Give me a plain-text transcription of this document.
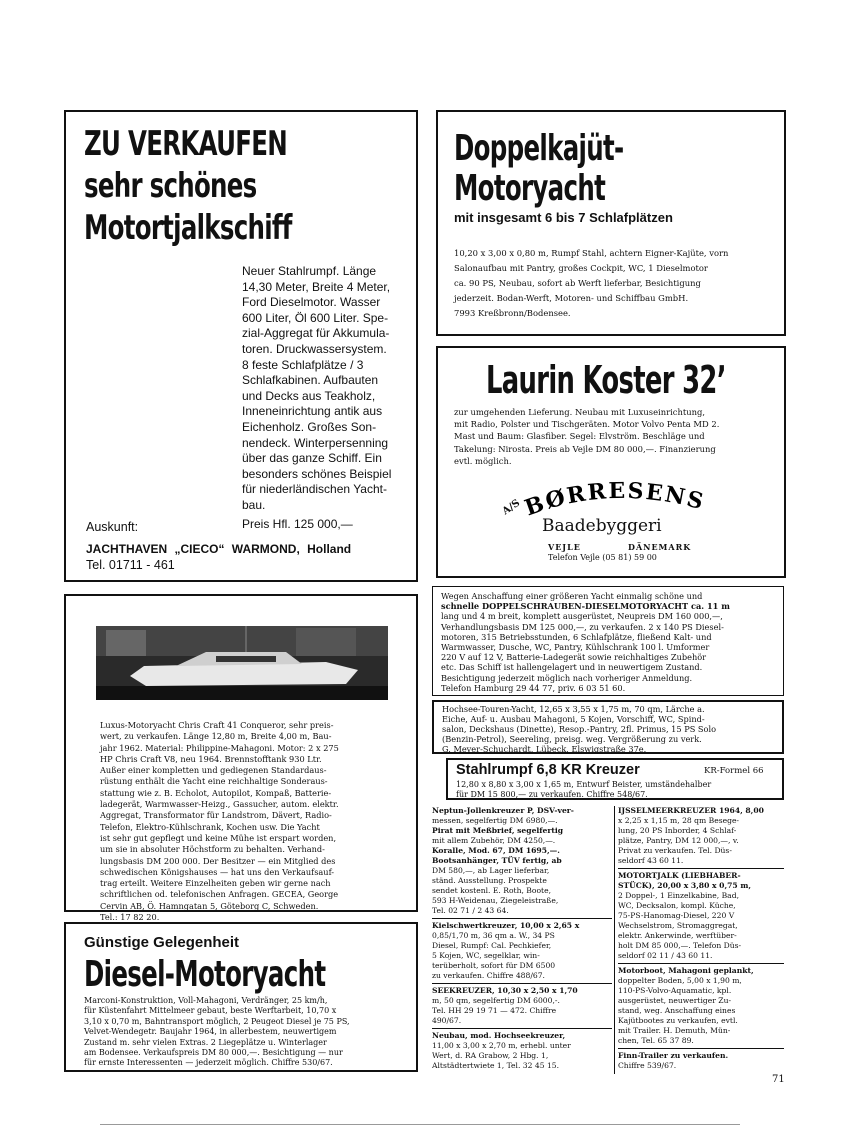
ZU VERKAUFEN
sehr schönes
Motortjalkschiff
Neuer Stahlrumpf. Länge
14,30 Meter, Breite 4 Meter,
Ford Dieselmotor. Wasser
600 Liter, Öl 600 Liter. Spe-
zial-Aggregat für Akkumula-
toren. Druckwassersystem.
8 feste Schlafplätze / 3
Schlafkabinen. Aufbauten
und Decks aus Teakholz,
Inneneinrichtung antik aus
Eichenholz. Großes Son-
nendeck. Winterpersenning
über das ganze Schiff. Ein
besonders schönes Beispiel
für niederländischen Yacht-
bau.
Preis Hfl. 125 000,—
Auskunft:
JACHTHAVEN „CIECO“ WARMOND, Holland
Tel. 01711 - 461
Doppelkajüt-
Motoryacht
mit insgesamt 6 bis 7 Schlafplätzen
10,20 x 3,00 x 0,80 m, Rumpf Stahl, achtern Eigner-Kajüte, vorn
Salonaufbau mit Pantry, großes Cockpit, WC, 1 Dieselmotor
ca. 90 PS, Neubau, sofort ab Werft lieferbar, Besichtigung
jederzeit. Bodan-Werft, Motoren- und Schiffbau GmbH.
7993 Kreßbronn/Bodensee.
Laurin Koster 32’
zur umgehenden Lieferung. Neubau mit Luxuseinrichtung,
mit Radio, Polster und Tischgeräten. Motor Volvo Penta MD 2.
Mast und Baum: Glasfiber. Segel: Elvström. Beschläge und
Takelung: Nirosta. Preis ab Vejle DM 80 000,—. Finanzierung
evtl. möglich.
BØRRESENS
A/S
Baadebyggeri
VEJLE	DÄNEMARK
Telefon Vejle (05 81) 59 00
Luxus-Motoryacht Chris Craft 41 Conqueror, sehr preis-
wert, zu verkaufen. Länge 12,80 m, Breite 4,00 m, Bau-
jahr 1962. Material: Philippine-Mahagoni. Motor: 2 x 275
HP Chris Craft V8, neu 1964. Brennstofftank 930 Ltr.
Außer einer kompletten und gediegenen Standardaus-
rüstung enthält die Yacht eine reichhaltige Sonderaus-
stattung wie z. B. Echolot, Autopilot, Kompaß, Batterie-
ladegerät, Warmwasser-Heizg., Gassucher, autom. elektr.
Aggregat, Transformator für Landstrom, Dävert, Radio-
Telefon, Elektro-Kühlschrank, Kochen usw. Die Yacht
ist sehr gut gepflegt und keine Mühe ist erspart worden,
um sie in absoluter Höchstform zu behalten. Verhand-
lungsbasis DM 200 000. Der Besitzer — ein Mitglied des
schwedischen Königshauses — hat uns den Verkaufsauf-
trag erteilt. Weitere Einzelheiten geben wir gerne nach
schriftlichen od. telefonischen Anfragen. GECEA, George
Cervin AB, Ö. Hamngatan 5, Göteborg C, Schweden.
Tel.: 17 82 20.
Günstige Gelegenheit
Diesel-Motoryacht
Marconi-Konstruktion, Voll-Mahagoni, Verdränger, 25 km/h,
für Küstenfahrt Mittelmeer gebaut, beste Werftarbeit, 10,70 x
3,10 x 0,70 m, Bahntransport möglich, 2 Peugeot Diesel je 75 PS,
Velvet-Wendegetr. Baujahr 1964, in allerbestem, neuwertigem
Zustand m. sehr vielen Extras. 2 Liegeplätze u. Winterlager
am Bodensee. Verkaufspreis DM 80 000,—. Besichtigung — nur
für ernste Interessenten — jederzeit möglich. Chiffre 530/67.
Wegen Anschaffung einer größeren Yacht einmalig schöne und
schnelle DOPPELSCHRAUBEN-DIESELMOTORYACHT ca. 11 m
lang und 4 m breit, komplett ausgerüstet, Neupreis DM 160 000,—,
Verhandlungsbasis DM 125 000,—, zu verkaufen. 2 x 140 PS Diesel-
motoren, 315 Betriebsstunden, 6 Schlafplätze, fließend Kalt- und
Warmwasser, Dusche, WC, Pantry, Kühlschrank 100 l. Umformer
220 V auf 12 V, Batterie-Ladegerät sowie reichhaltiges Zubehör
etc. Das Schiff ist hallengelagert und in neuwertigem Zustand.
Besichtigung jederzeit möglich nach vorheriger Anmeldung.
Telefon Hamburg 29 44 77, priv. 6 03 51 60.
Hochsee-Touren-Yacht, 12,65 x 3,55 x 1,75 m, 70 qm, Lärche a.
Eiche, Auf- u. Ausbau Mahagoni, 5 Kojen, Vorschiff, WC, Spind-
salon, Deckshaus (Dinette), Resop.-Pantry, 2fl. Primus, 15 PS Solo
(Benzin-Petrol), Seereling, preisg. weg. Vergrößerung zu verk.
G. Meyer-Schuchardt, Lübeck, Elswigstraße 37e.
Stahlrumpf 6,8 KR Kreuzer	KR-Formel 66
12,80 x 8,80 x 3,00 x 1,65 m, Entwurf Beister, umständehalber
für DM 15 800,— zu verkaufen. Chiffre 548/67.
Neptun-Jollenkreuzer P, DSV-ver-
messen, segelfertig DM 6980,—.
Pirat mit Meßbrief, segelfertig
mit allem Zubehör, DM 4250,—.
Koralle, Mod. 67, DM 1695,—.
Bootsanhänger, TÜV fertig, ab
DM 580,—, ab Lager lieferbar,
ständ. Ausstellung. Prospekte
sendet kostenl. E. Roth, Boote,
593 H-Weidenau, Ziegeleistraße,
Tel. 02 71 / 2 43 64.
Kielschwertkreuzer, 10,00 x 2,65 x
0,85/1,70 m, 36 qm a. W., 34 PS
Diesel, Rumpf: Cal. Pechkiefer,
5 Kojen, WC, segelklar, win-
terüberholt, sofort für DM 6500
zu verkaufen. Chiffre 488/67.
SEEKREUZER, 10,30 x 2,50 x 1,70
m, 50 qm, segelfertig DM 6000,-.
Tel. HH 29 19 71 — 472. Chiffre
490/67.
Neubau, mod. Hochseekreuzer,
11,00 x 3,00 x 2,70 m, erhebl. unter
Wert, d. RA Grabow, 2 Hbg. 1,
Altstädtertwiete 1, Tel. 32 45 15.
IJSSELMEERKREUZER 1964, 8,00
x 2,25 x 1,15 m, 28 qm Besege-
lung, 20 PS Inborder, 4 Schlaf-
plätze, Pantry, DM 12 000,—, v.
Privat zu verkaufen. Tel. Düs-
seldorf 43 60 11.
MOTORTJALK (LIEBHABER-
STÜCK), 20,00 x 3,80 x 0,75 m,
2 Doppel-, 1 Einzelkabine, Bad,
WC, Decksalon, kompl. Küche,
75-PS-Hanomag-Diesel, 220 V
Wechselstrom, Stromaggregat,
elektr. Ankerwinde, werftüber-
holt DM 85 000,—. Telefon Düs-
seldorf 02 11 / 43 60 11.
Motorboot, Mahagoni geplankt,
doppelter Boden, 5,00 x 1,90 m,
110-PS-Volvo-Aquamatic, kpl.
ausgerüstet, neuwertiger Zu-
stand, weg. Anschaffung eines
Kajütbootes zu verkaufen, evtl.
mit Trailer. H. Demuth, Mün-
chen, Tel. 65 37 89.
Finn-Trailer zu verkaufen.
Chiffre 539/67.
71
